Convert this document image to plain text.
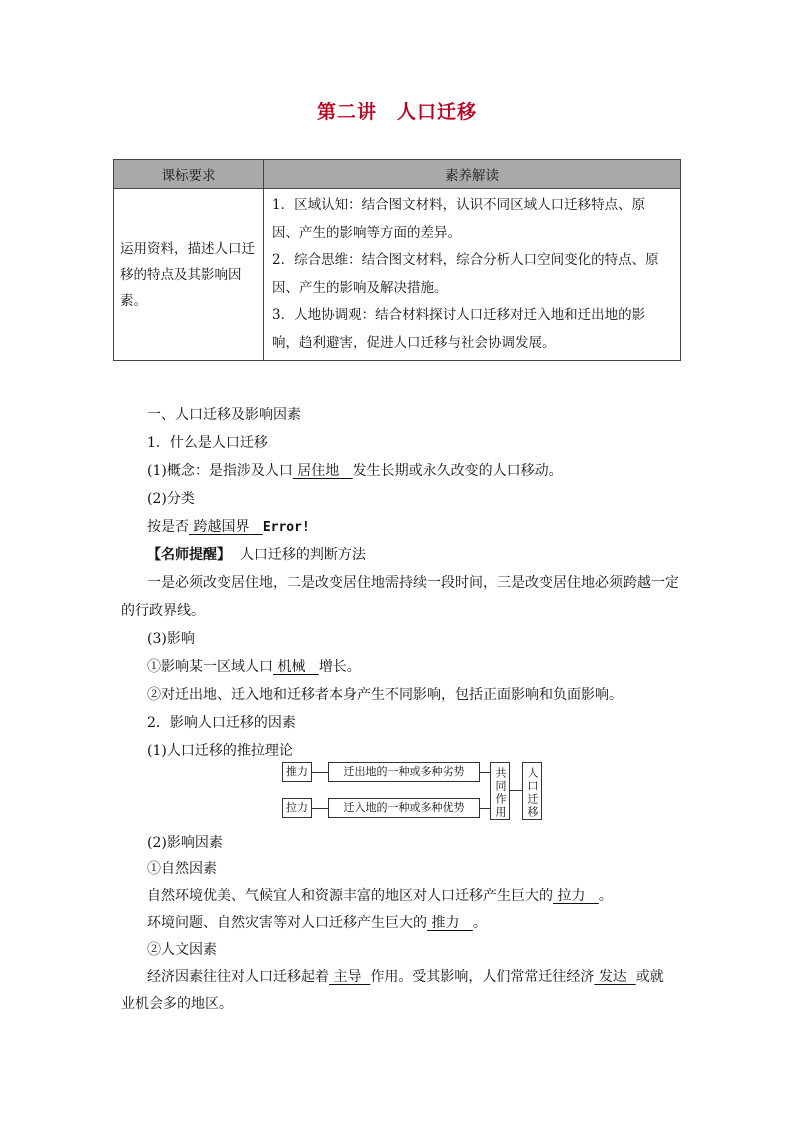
第二讲　人口迁移
课标要求	素养解读
运用资料，描述人口迁移的特点及其影响因素。	1．区域认知：结合图文材料，认识不同区域人口迁移特点、原因、产生的影响等方面的差异。
2．综合思维：结合图文材料，综合分析人口空间变化的特点、原因、产生的影响及解决措施。
3．人地协调观：结合材料探讨人口迁移对迁入地和迁出地的影响，趋利避害，促进人口迁移与社会协调发展。
一、人口迁移及影响因素
1．什么是人口迁移
(1)概念：是指涉及人口 居住地 发生长期或永久改变的人口移动。
(2)分类
按是否 跨越国界 Error!
【名师提醒】 人口迁移的判断方法
一是必须改变居住地，二是改变居住地需持续一段时间，三是改变居住地必须跨越一定
的行政界线。
(3)影响
①影响某一区域人口 机械 增长。
②对迁出地、迁入地和迁移者本身产生不同影响，包括正面影响和负面影响。
2．影响人口迁移的因素
(1)人口迁移的推拉理论
推力	迁出地的一种或多种劣势
拉力	迁入地的一种或多种优势	共同作用	人口迁移
(2)影响因素
①自然因素
自然环境优美、气候宜人和资源丰富的地区对人口迁移产生巨大的 拉力 。
环境问题、自然灾害等对人口迁移产生巨大的 推力 。
②人文因素
经济因素往往对人口迁移起着 主导 作用。受其影响，人们常常迁往经济 发达 或就
业机会多的地区。
